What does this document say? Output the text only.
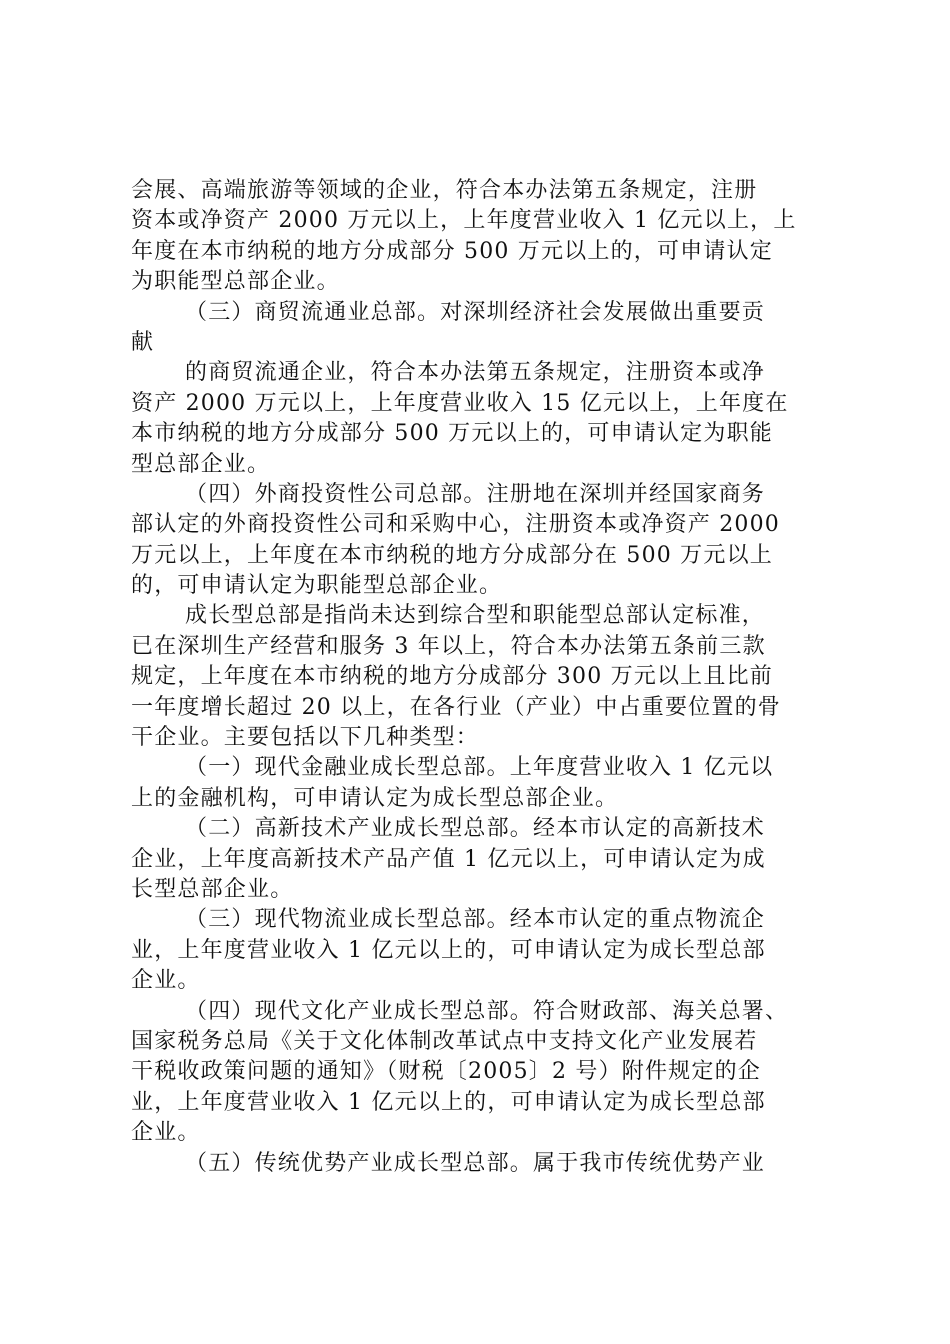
会展、高端旅游等领域的企业，符合本办法第五条规定，注册
资本或净资产 2000 万元以上，上年度营业收入 1 亿元以上，上
年度在本市纳税的地方分成部分 500 万元以上的，可申请认定
为职能型总部企业。
（三）商贸流通业总部。对深圳经济社会发展做出重要贡
献
的商贸流通企业，符合本办法第五条规定，注册资本或净
资产 2000 万元以上，上年度营业收入 15 亿元以上，上年度在
本市纳税的地方分成部分 500 万元以上的，可申请认定为职能
型总部企业。
（四）外商投资性公司总部。注册地在深圳并经国家商务
部认定的外商投资性公司和采购中心，注册资本或净资产 2000
万元以上，上年度在本市纳税的地方分成部分在 500 万元以上
的，可申请认定为职能型总部企业。
成长型总部是指尚未达到综合型和职能型总部认定标准，
已在深圳生产经营和服务 3 年以上，符合本办法第五条前三款
规定，上年度在本市纳税的地方分成部分 300 万元以上且比前
一年度增长超过 20 以上，在各行业（产业）中占重要位置的骨
干企业。主要包括以下几种类型：
（一）现代金融业成长型总部。上年度营业收入 1 亿元以
上的金融机构，可申请认定为成长型总部企业。
（二）高新技术产业成长型总部。经本市认定的高新技术
企业，上年度高新技术产品产值 1 亿元以上，可申请认定为成
长型总部企业。
（三）现代物流业成长型总部。经本市认定的重点物流企
业，上年度营业收入 1 亿元以上的，可申请认定为成长型总部
企业。
（四）现代文化产业成长型总部。符合财政部、海关总署、
国家税务总局《关于文化体制改革试点中支持文化产业发展若
干税收政策问题的通知》（财税〔2005〕2 号）附件规定的企
业，上年度营业收入 1 亿元以上的，可申请认定为成长型总部
企业。
（五）传统优势产业成长型总部。属于我市传统优势产业
